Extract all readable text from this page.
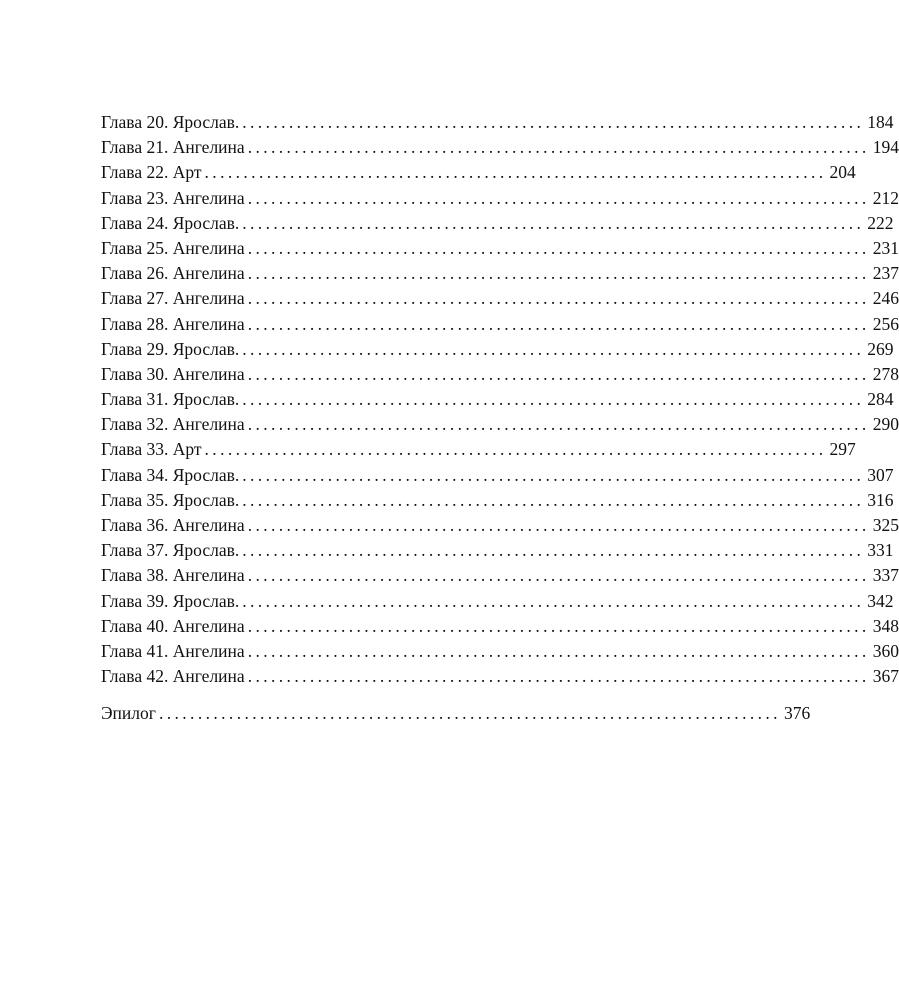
Глава 20. Ярослав. ................................................................................ 184
Глава 21. Ангелина ................................................................................ 194
Глава 22. Арт ................................................................................ 204
Глава 23. Ангелина ................................................................................ 212
Глава 24. Ярослав. ................................................................................ 222
Глава 25. Ангелина ................................................................................ 231
Глава 26. Ангелина ................................................................................ 237
Глава 27. Ангелина ................................................................................ 246
Глава 28. Ангелина ................................................................................ 256
Глава 29. Ярослав. ................................................................................ 269
Глава 30. Ангелина ................................................................................ 278
Глава 31. Ярослав. ................................................................................ 284
Глава 32. Ангелина ................................................................................ 290
Глава 33. Арт ................................................................................ 297
Глава 34. Ярослав. ................................................................................ 307
Глава 35. Ярослав. ................................................................................ 316
Глава 36. Ангелина ................................................................................ 325
Глава 37. Ярослав. ................................................................................ 331
Глава 38. Ангелина ................................................................................ 337
Глава 39. Ярослав. ................................................................................ 342
Глава 40. Ангелина ................................................................................ 348
Глава 41. Ангелина ................................................................................ 360
Глава 42. Ангелина ................................................................................ 367
Эпилог ................................................................................ 376
